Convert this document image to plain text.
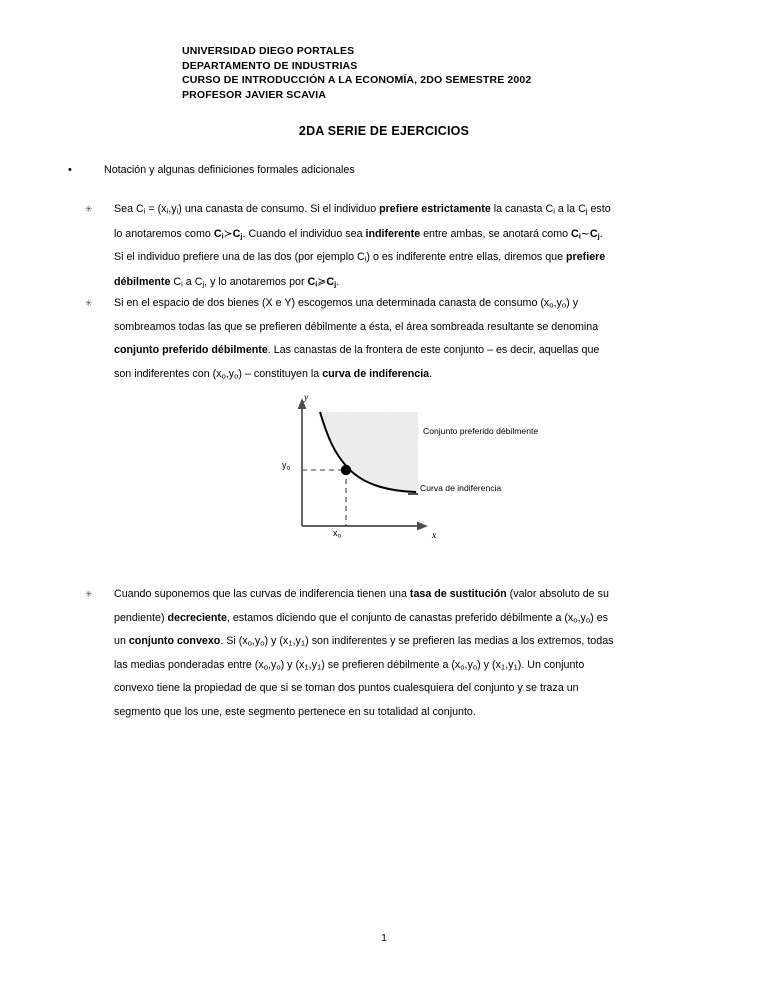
UNIVERSIDAD DIEGO PORTALES
DEPARTAMENTO DE INDUSTRIAS
CURSO DE INTRODUCCIÓN A LA ECONOMÍA, 2DO SEMESTRE 2002
PROFESOR JAVIER SCAVIA
2DA SERIE DE EJERCICIOS
•	Notación y algunas definiciones formales adicionales
✳	Sea $C_i = (x_i,y_i)$ una canasta de consumo. Si el individuo prefiere estrictamente la canasta $C_i$ a la $C_j$ esto
lo anotaremos como $C_i≻C_j$. Cuando el individuo sea indiferente entre ambas, se anotará como $C_i\sim C_j$.
Si el individuo prefiere una de las dos (por ejemplo $C_i$) o es indiferente entre ellas, diremos que prefiere
débilmente $C_i$ a $C_j$, y lo anotaremos por $C_i≽C_j$.
✳	Si en el espacio de dos bienes (X e Y) escogemos una determinada canasta de consumo $(x_o,y_o)$ y
sombreamos todas las que se prefieren débilmente a ésta, el área sombreada resultante se denomina
conjunto preferido débilmente. Las canastas de la frontera de este conjunto – es decir, aquellas que
son indiferentes con $(x_o,y_o)$ – constituyen la curva de indiferencia.
y
x
$y_o$
$x_o$
Conjunto preferido débilmente
Curva de indiferencia
✳	Cuando suponemos que las curvas de indiferencia tienen una tasa de sustitución (valor absoluto de su
pendiente) decreciente, estamos diciendo que el conjunto de canastas preferido débilmente a $(x_o,y_o)$ es
un conjunto convexo. Si $(x_o,y_o)$ y $(x_1,y_1)$ son indiferentes y se prefieren las medias a los extremos, todas
las medias ponderadas entre $(x_o,y_o)$ y $(x_1,y_1)$ se prefieren débilmente a $(x_o,y_o)$ y $(x_1,y_1)$. Un conjunto
convexo tiene la propiedad de que si se toman dos puntos cualesquiera del conjunto y se traza un
segmento que los une, este segmento pertenece en su totalidad al conjunto.
1
